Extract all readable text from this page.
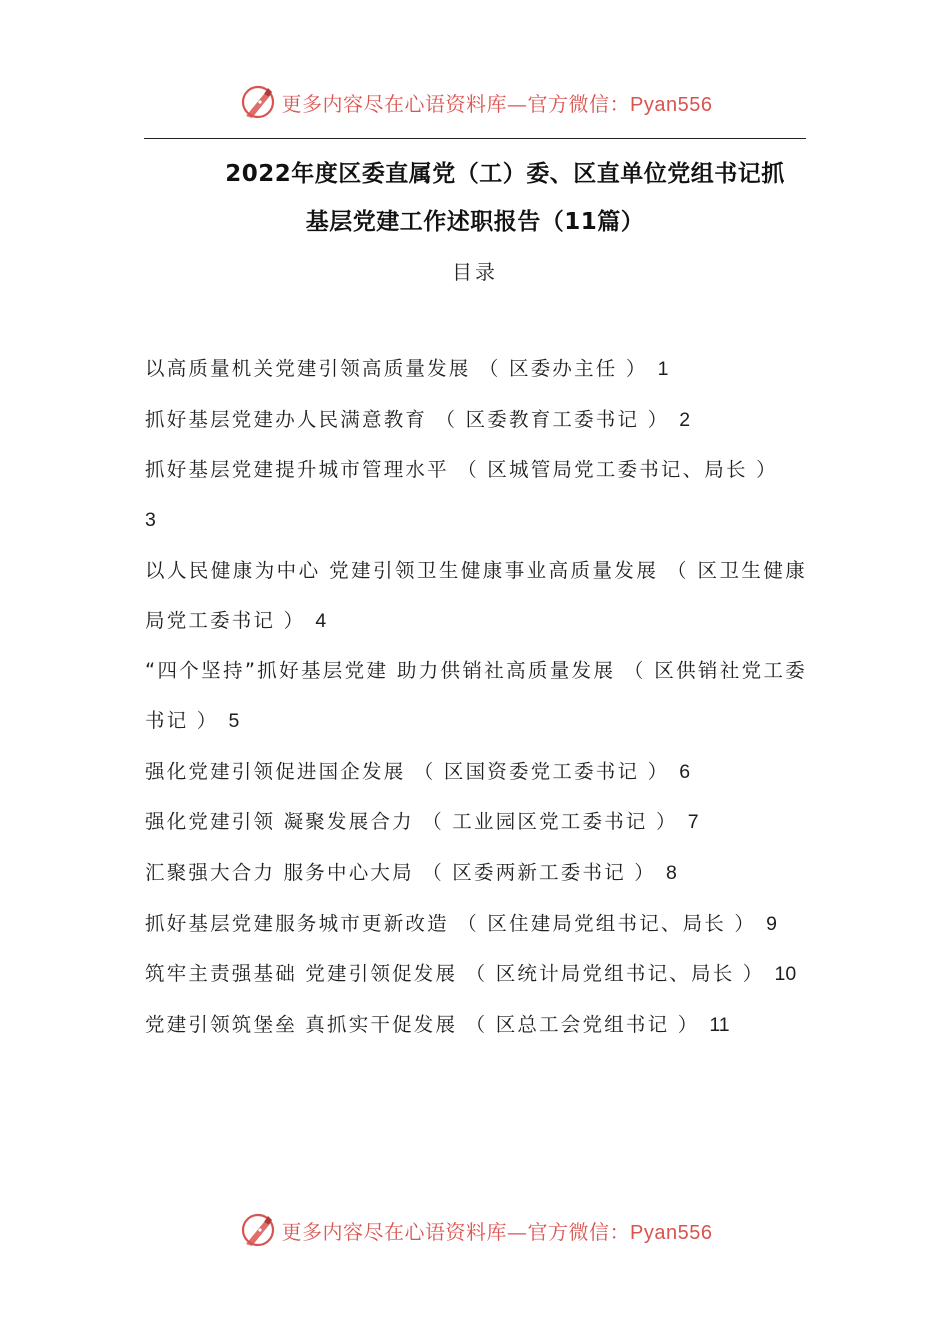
更多内容尽在心语资料库—官方微信：Pyan556
2022年度区委直属党（工）委、区直单位党组书记抓
基层党建工作述职报告（11篇）
目录
以高质量机关党建引领高质量发展 （ 区委办主任 ） 1
抓好基层党建办人民满意教育 （ 区委教育工委书记 ） 2
抓好基层党建提升城市管理水平 （ 区城管局党工委书记、局长 ）
3
以人民健康为中心 党建引领卫生健康事业高质量发展 （ 区卫生健康局党工委书记 ） 4
“四个坚持”抓好基层党建 助力供销社高质量发展 （ 区供销社党工委书记 ） 5
强化党建引领促进国企发展 （ 区国资委党工委书记 ） 6
强化党建引领 凝聚发展合力 （ 工业园区党工委书记 ） 7
汇聚强大合力 服务中心大局 （ 区委两新工委书记 ） 8
抓好基层党建服务城市更新改造 （ 区住建局党组书记、局长 ） 9
筑牢主责强基础 党建引领促发展 （ 区统计局党组书记、局长 ） 10
党建引领筑堡垒 真抓实干促发展 （ 区总工会党组书记 ） 11
更多内容尽在心语资料库—官方微信：Pyan556
